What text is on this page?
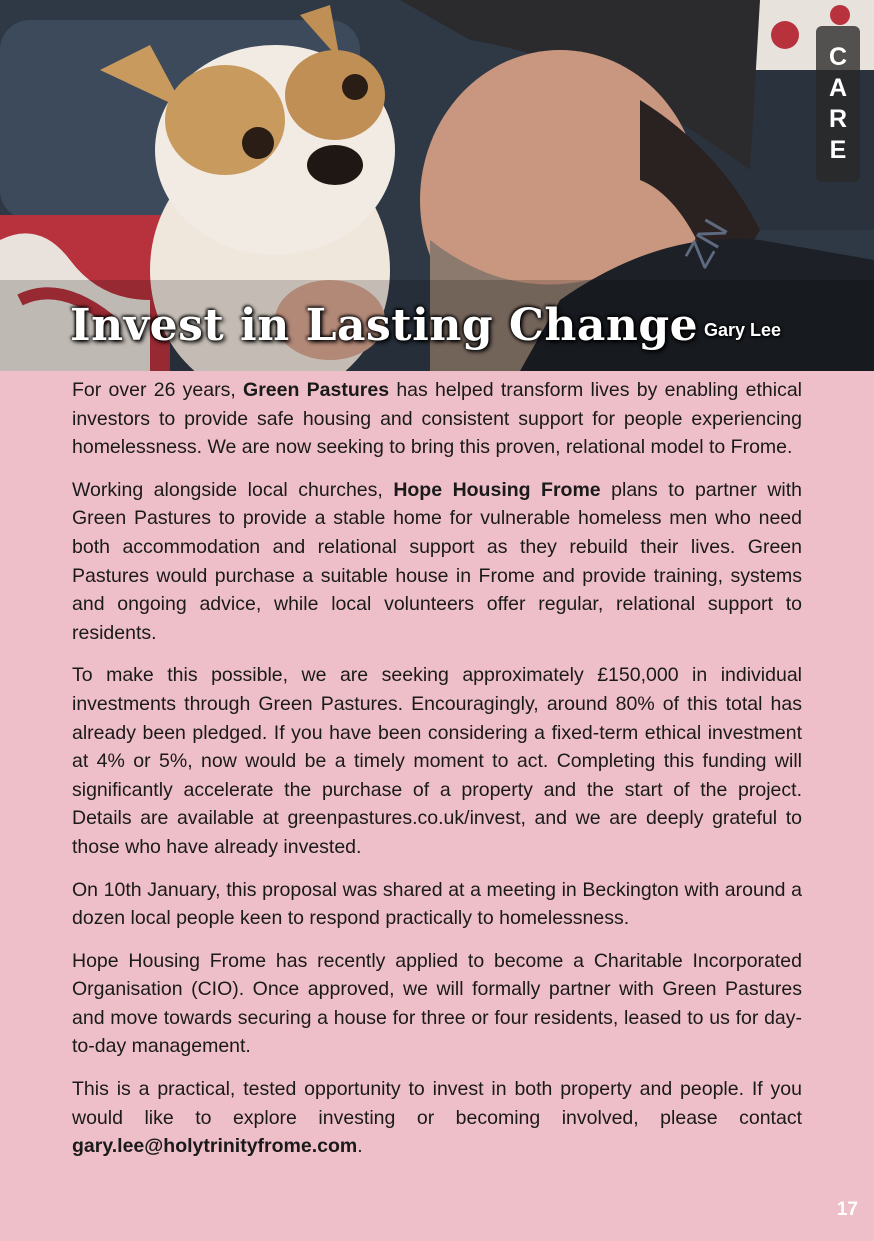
ZN
C
A
R
E
Invest in Lasting Change Gary Lee

For over 26 years, Green Pastures has helped transform lives by enabling ethical investors to provide safe housing and consistent support for people experiencing homelessness. We are now seeking to bring this proven, relational model to Frome.

Working alongside local churches, Hope Housing Frome plans to partner with Green Pastures to provide a stable home for vulnerable homeless men who need both accommodation and relational support as they rebuild their lives. Green Pastures would purchase a suitable house in Frome and provide training, systems and ongoing advice, while local volunteers offer regular, relational support to residents.

To make this possible, we are seeking approximately £150,000 in individual investments through Green Pastures. Encouragingly, around 80% of this total has already been pledged. If you have been considering a fixed-term ethical investment at 4% or 5%, now would be a timely moment to act. Completing this funding will significantly accelerate the purchase of a property and the start of the project. Details are available at greenpastures.co.uk/invest, and we are deeply grateful to those who have already invested.

On 10th January, this proposal was shared at a meeting in Beckington with around a dozen local people keen to respond practically to homelessness.

Hope Housing Frome has recently applied to become a Charitable Incorporated Organisation (CIO). Once approved, we will formally partner with Green Pastures and move towards securing a house for three or four residents, leased to us for day-to-day management.

This is a practical, tested opportunity to invest in both property and people. If you would like to explore investing or becoming involved, please contact gary.lee@holytrinityfrome.com.

17
